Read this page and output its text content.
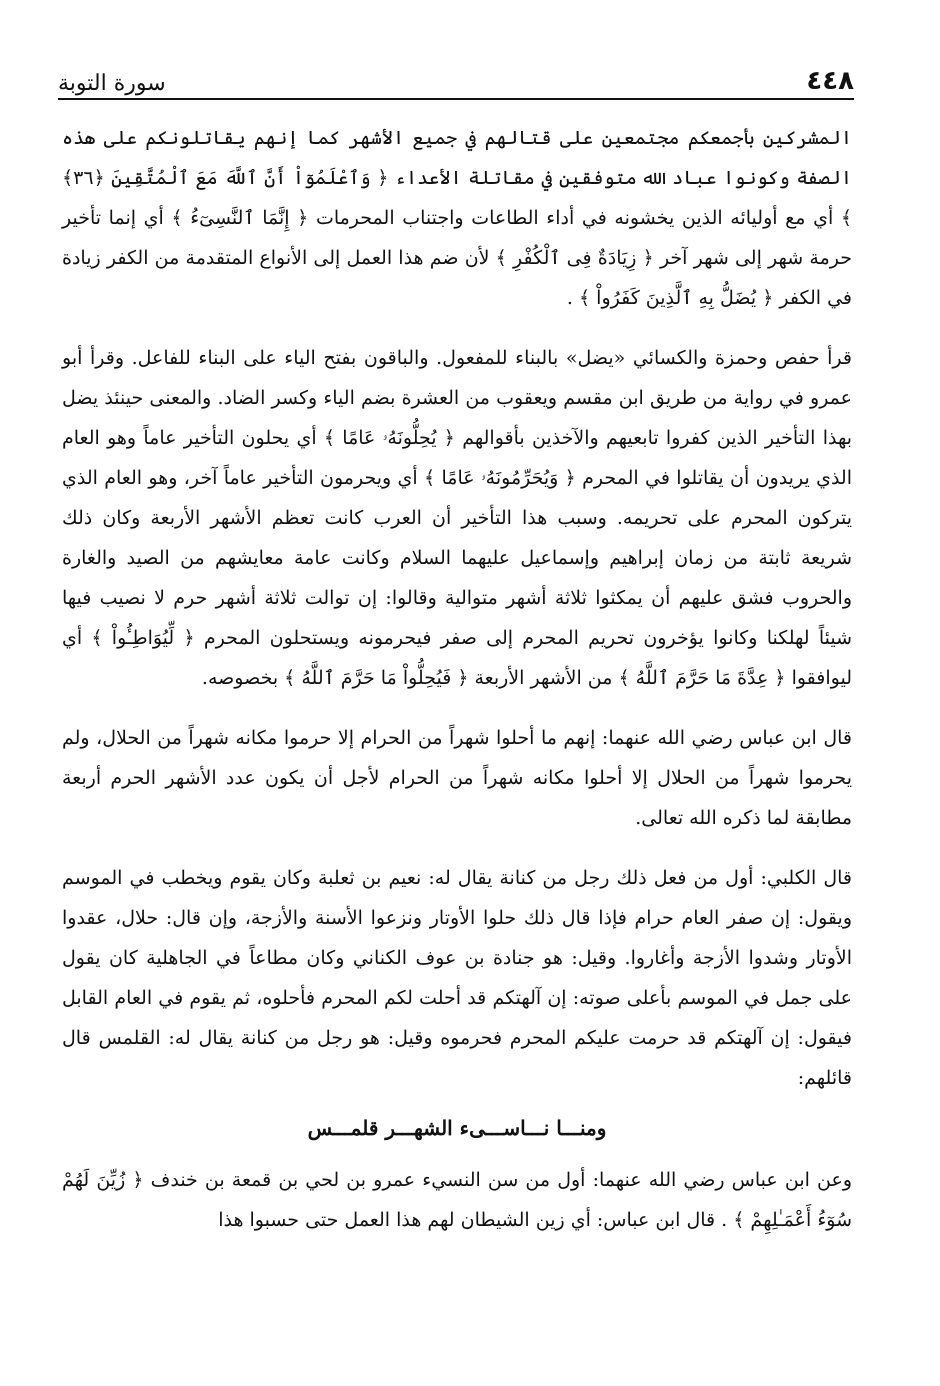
٤٤٨
سورة التوبة

المشركين بأجمعكم مجتمعين على قتالهم في جميع الأشهر كما إنهم يقاتلونكم على هذه الصفة وكونوا عباد الله متوفقين في مقاتلة الأعداء ﴿ وَٱعْلَمُوٓاْ أَنَّ ٱللَّهَ مَعَ ٱلْمُتَّقِينَ ﴿٣٦﴾ ﴾ أي مع أوليائه الذين يخشونه في أداء الطاعات واجتناب المحرمات ﴿ إِنَّمَا ٱلنَّسِىٓءُ ﴾ أي إنما تأخير حرمة شهر إلى شهر آخر ﴿ زِيَادَةٌ فِى ٱلْكُفْرِ ﴾ لأن ضم هذا العمل إلى الأنواع المتقدمة من الكفر زيادة في الكفر ﴿ يُضَلُّ بِهِ ٱلَّذِينَ كَفَرُواْ ﴾ .

قرأ حفص وحمزة والكسائي «يضل» بالبناء للمفعول. والباقون بفتح الياء على البناء للفاعل. وقرأ أبو عمرو في رواية من طريق ابن مقسم ويعقوب من العشرة بضم الياء وكسر الضاد. والمعنى حينئذ يضل بهذا التأخير الذين كفروا تابعيهم والآخذين بأقوالهم ﴿ يُحِلُّونَهُۥ عَامًا ﴾ أي يحلون التأخير عاماً وهو العام الذي يريدون أن يقاتلوا في المحرم ﴿ وَيُحَرِّمُونَهُۥ عَامًا ﴾ أي ويحرمون التأخير عاماً آخر، وهو العام الذي يتركون المحرم على تحريمه. وسبب هذا التأخير أن العرب كانت تعظم الأشهر الأربعة وكان ذلك شريعة ثابتة من زمان إبراهيم وإسماعيل عليهما السلام وكانت عامة معايشهم من الصيد والغارة والحروب فشق عليهم أن يمكثوا ثلاثة أشهر متوالية وقالوا: إن توالت ثلاثة أشهر حرم لا نصيب فيها شيئاً لهلكنا وكانوا يؤخرون تحريم المحرم إلى صفر فيحرمونه ويستحلون المحرم ﴿ لِّيُوَاطِـُٔواْ ﴾ أي ليوافقوا ﴿ عِدَّةَ مَا حَرَّمَ ٱللَّهُ ﴾ من الأشهر الأربعة ﴿ فَيُحِلُّواْ مَا حَرَّمَ ٱللَّهُ ﴾ بخصوصه.

قال ابن عباس رضي الله عنهما: إنهم ما أحلوا شهراً من الحرام إلا حرموا مكانه شهراً من الحلال، ولم يحرموا شهراً من الحلال إلا أحلوا مكانه شهراً من الحرام لأجل أن يكون عدد الأشهر الحرم أربعة مطابقة لما ذكره الله تعالى.

قال الكلبي: أول من فعل ذلك رجل من كنانة يقال له: نعيم بن ثعلبة وكان يقوم ويخطب في الموسم ويقول: إن صفر العام حرام فإذا قال ذلك حلوا الأوتار ونزعوا الأسنة والأزجة، وإن قال: حلال، عقدوا الأوتار وشدوا الأزجة وأغاروا. وقيل: هو جنادة بن عوف الكناني وكان مطاعاً في الجاهلية كان يقول على جمل في الموسم بأعلى صوته: إن آلهتكم قد أحلت لكم المحرم فأحلوه، ثم يقوم في العام القابل فيقول: إن آلهتكم قد حرمت عليكم المحرم فحرموه وقيل: هو رجل من كنانة يقال له: القلمس قال قائلهم:

ومنـــا نـــاســـىء الشهـــر قلمـــس

وعن ابن عباس رضي الله عنهما: أول من سن النسيء عمرو بن لحي بن قمعة بن خندف ﴿ زُيِّنَ لَهُمْ سُوٓءُ أَعْمَـٰلِهِمْ ﴾ . قال ابن عباس: أي زين الشيطان لهم هذا العمل حتى حسبوا هذا
